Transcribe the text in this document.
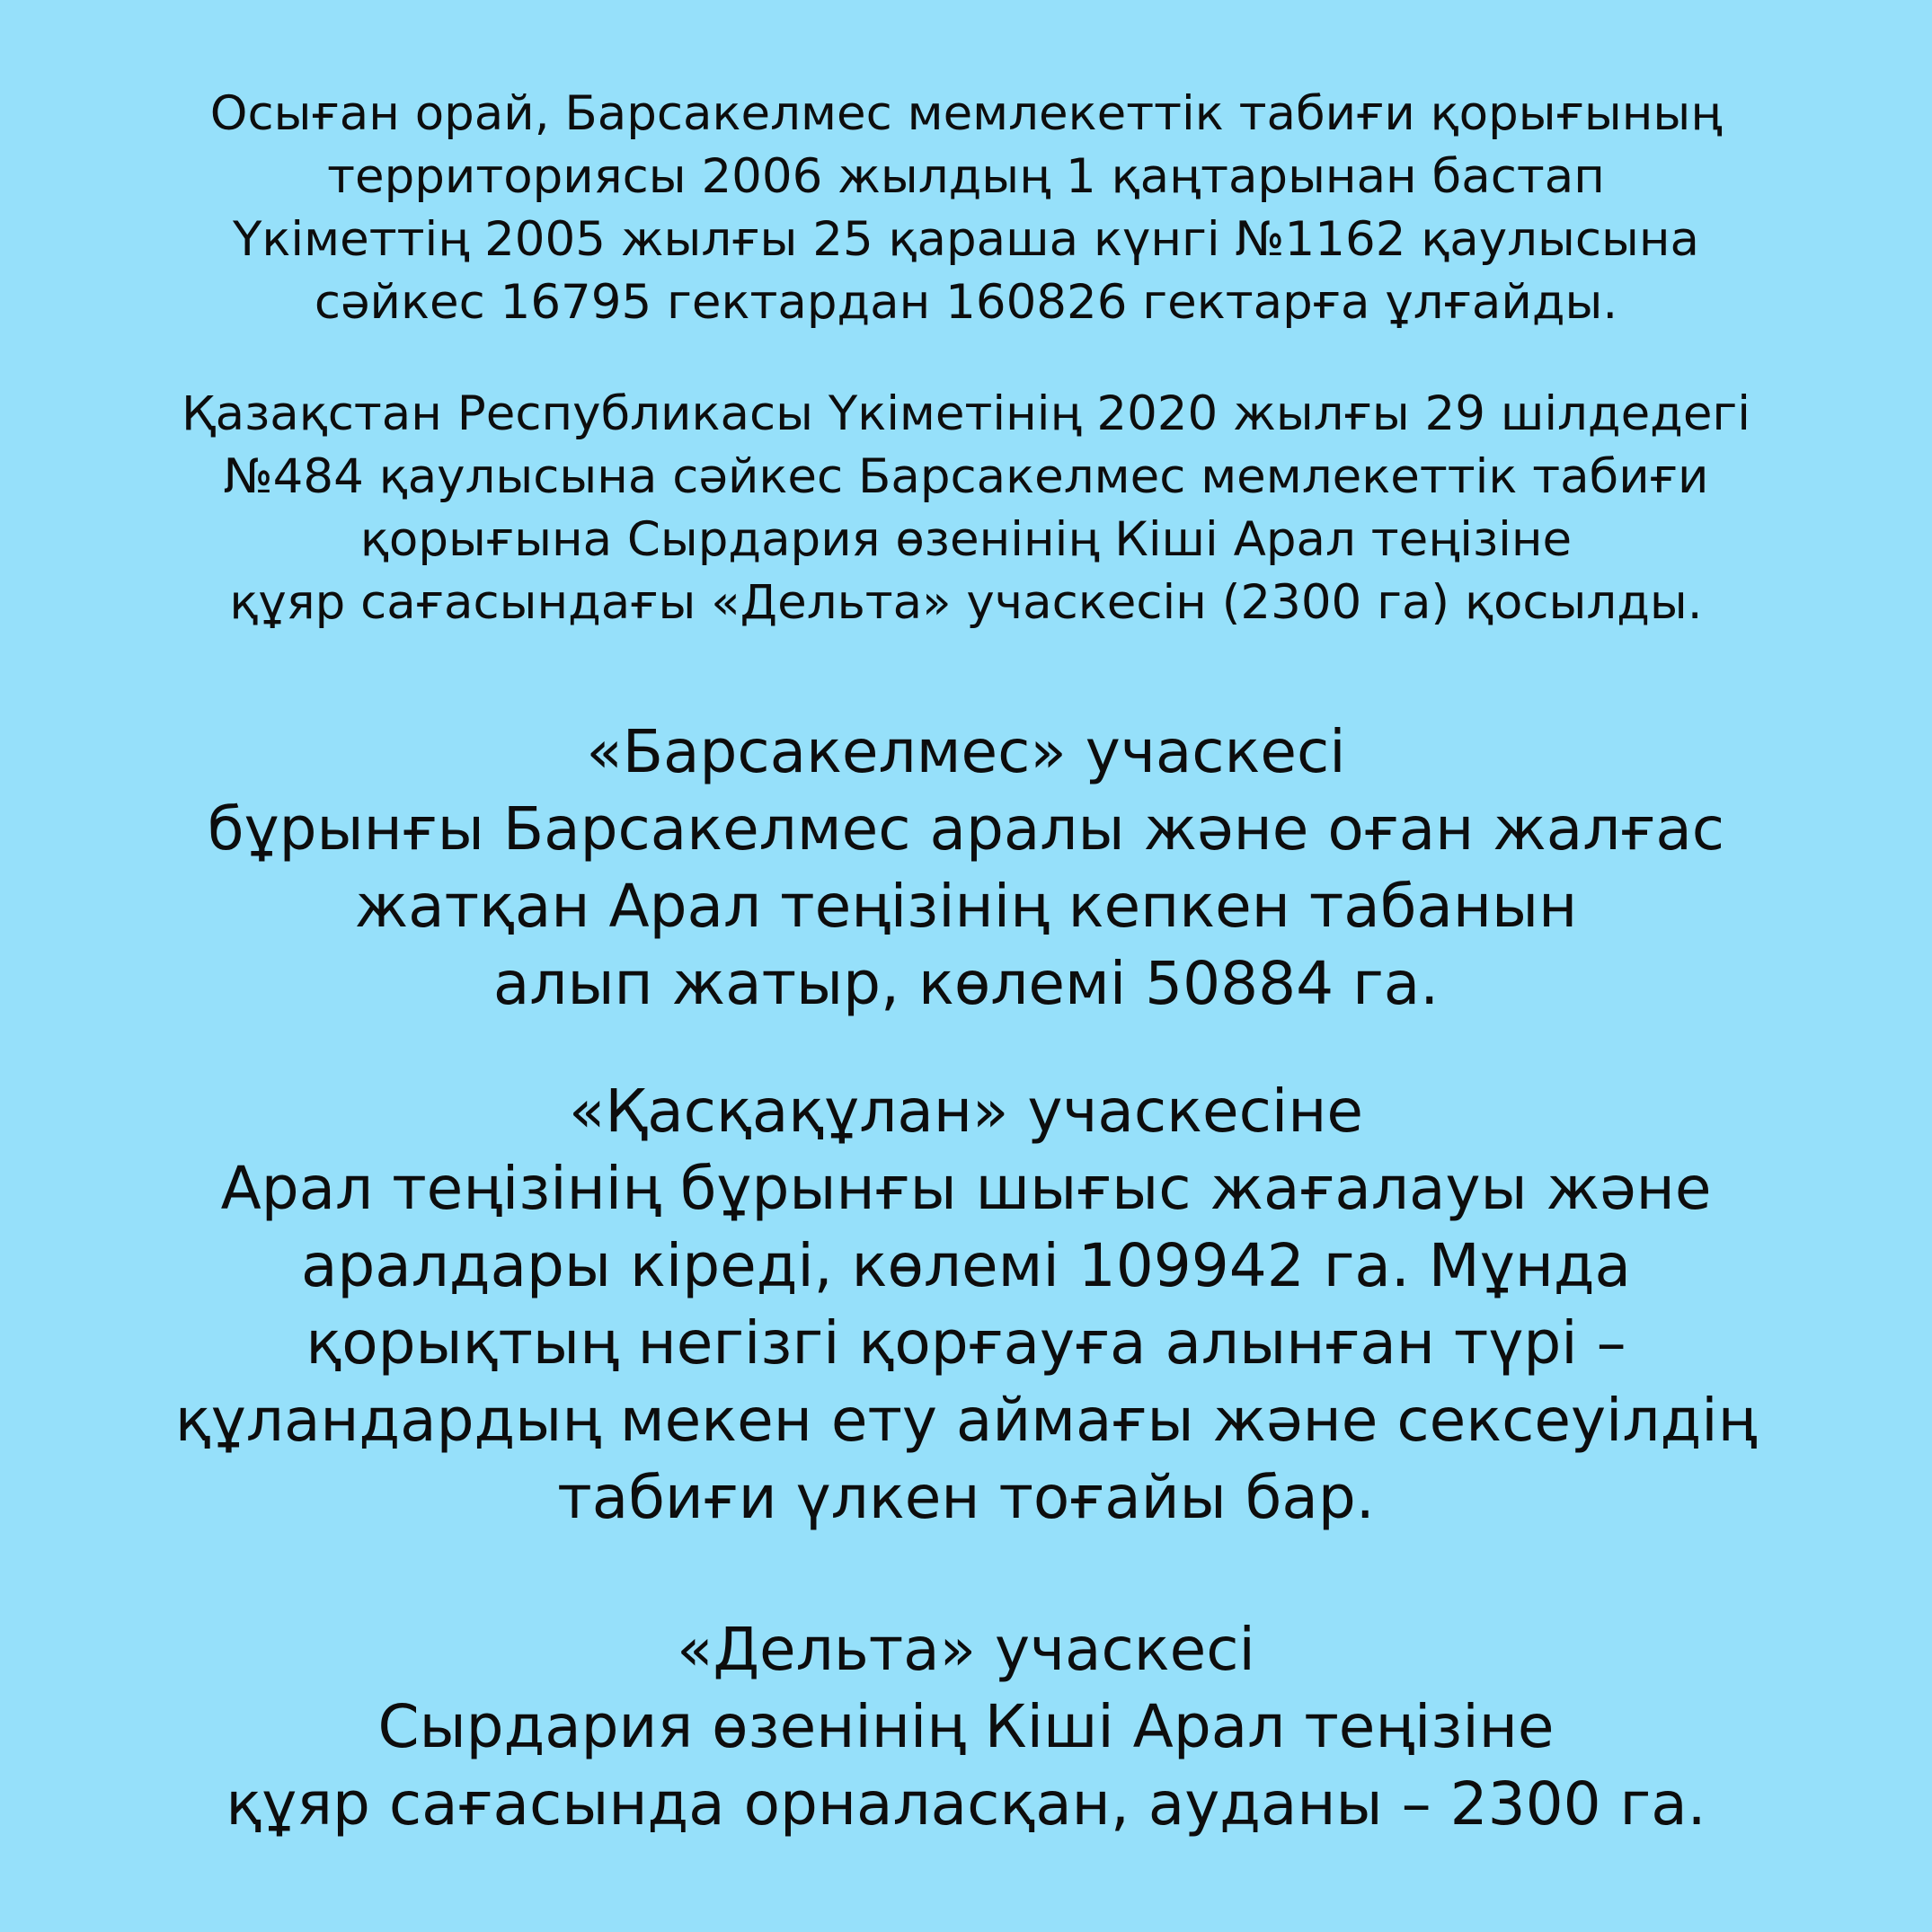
Осыған орай, Барсакелмес мемлекеттік табиғи қорығының
территориясы 2006 жылдың 1 қаңтарынан бастап
Үкіметтің 2005 жылғы 25 қараша күнгі №1162 қаулысына
сәйкес 16795 гектардан 160826 гектарға ұлғайды.
Қазақстан Республикасы Үкіметінің 2020 жылғы 29 шілдедегі
№484 қаулысына сәйкес Барсакелмес мемлекеттік табиғи
қорығына Сырдария өзенінің Кіші Арал теңізіне
құяр сағасындағы «Дельта» учаскесін (2300 га) қосылды.
«Барсакелмес» учаскесі
бұрынғы Барсакелмес аралы және оған жалғас
жатқан Арал теңізінің кепкен табанын
алып жатыр, көлемі 50884 га.
«Қасқақұлан» учаскесіне
Арал теңізінің бұрынғы шығыс жағалауы және
аралдары кіреді, көлемі 109942 га. Мұнда
қорықтың негізгі қорғауға алынған түрі –
құландардың мекен ету аймағы және сексеуілдің
табиғи үлкен тоғайы бар.
«Дельта» учаскесі
Сырдария өзенінің Кіші Арал теңізіне
құяр сағасында орналасқан, ауданы – 2300 га.
